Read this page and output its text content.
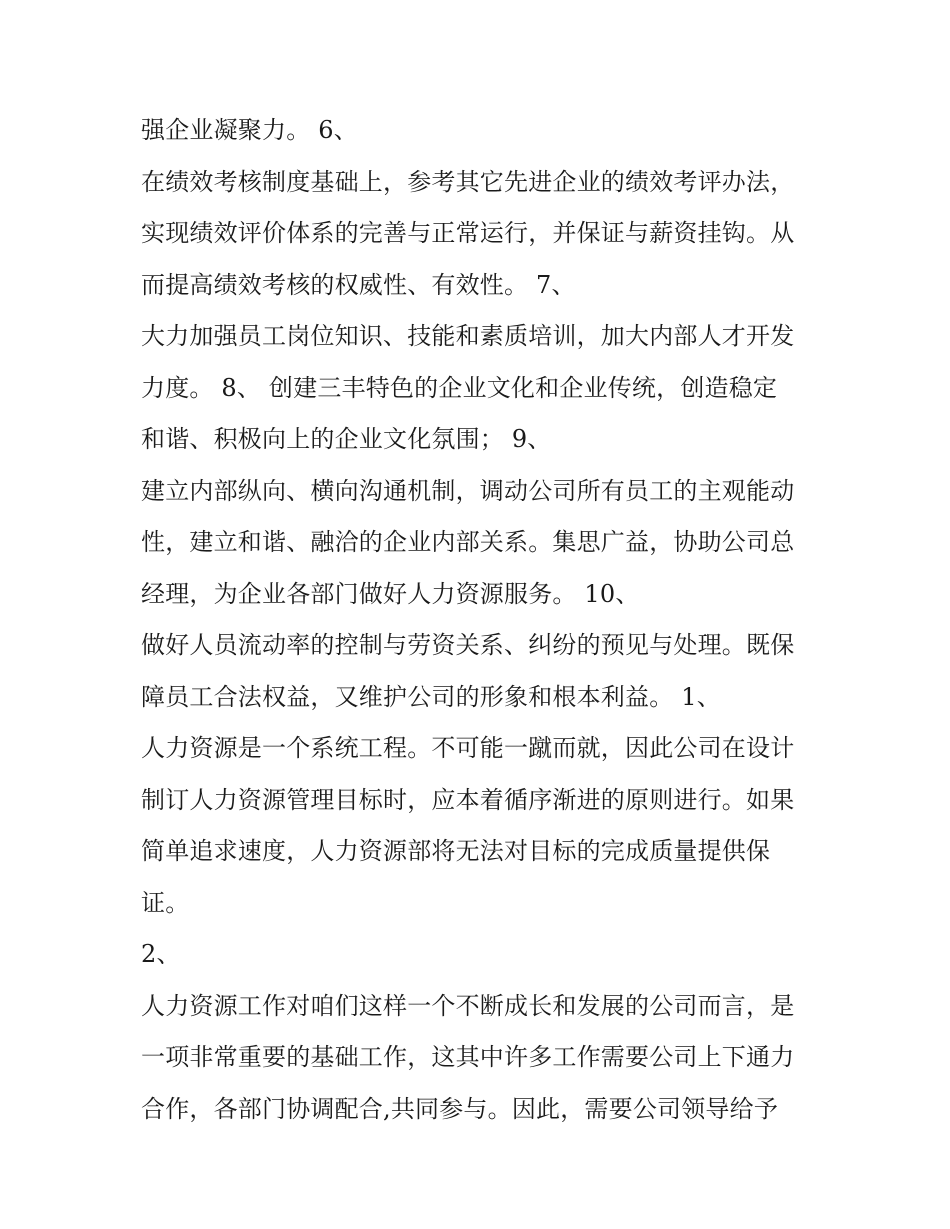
强企业凝聚力。 6、
在绩效考核制度基础上，参考其它先进企业的绩效考评办法，
实现绩效评价体系的完善与正常运行，并保证与薪资挂钩。从
而提高绩效考核的权威性、有效性。 7、
大力加强员工岗位知识、技能和素质培训，加大内部人才开发
力度。 8、 创建三丰特色的企业文化和企业传统，创造稳定
和谐、积极向上的企业文化氛围； 9、
建立内部纵向、横向沟通机制，调动公司所有员工的主观能动
性，建立和谐、融洽的企业内部关系。集思广益，协助公司总
经理，为企业各部门做好人力资源服务。 10、
做好人员流动率的控制与劳资关系、纠纷的预见与处理。既保
障员工合法权益，又维护公司的形象和根本利益。 1、
人力资源是一个系统工程。不可能一蹴而就，因此公司在设计
制订人力资源管理目标时，应本着循序渐进的原则进行。如果
简单追求速度，人力资源部将无法对目标的完成质量提供保
证。
2、
人力资源工作对咱们这样一个不断成长和发展的公司而言，是
一项非常重要的基础工作，这其中许多工作需要公司上下通力
合作，各部门协调配合,共同参与。因此，需要公司领导给予
